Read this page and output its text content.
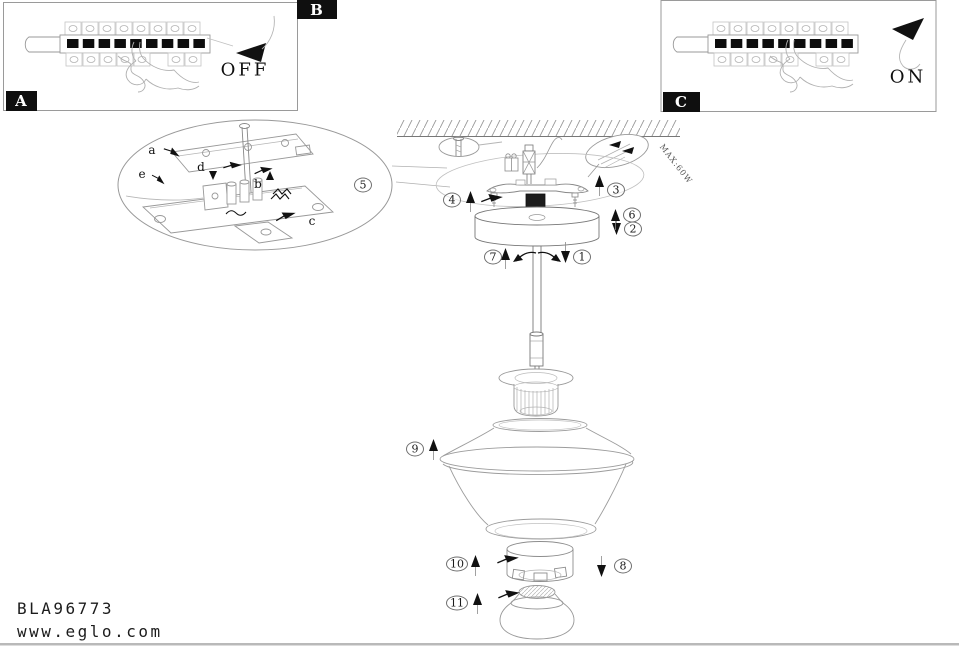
A
B
C
OFF	ON
1
2
3
4
5
6
7
8
9
10
11
a
b
c
d
e	MAX:60W
BLA96773
www.eglo.com
